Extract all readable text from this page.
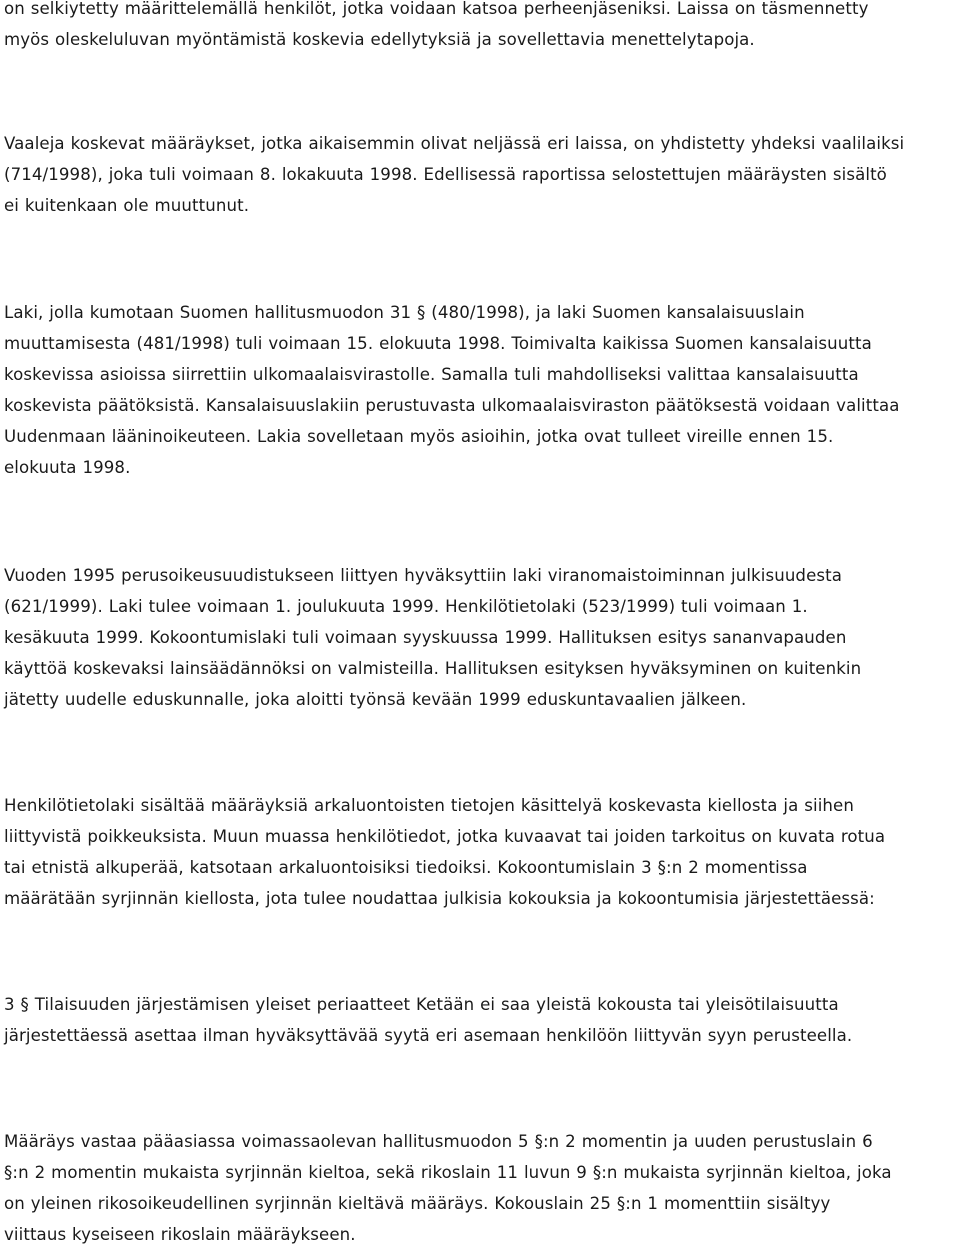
on selkiytetty määrittelemällä henkilöt, jotka voidaan katsoa perheenjäseniksi. Laissa on täsmennetty
myös oleskeluluvan myöntämistä koskevia edellytyksiä ja sovellettavia menettelytapoja.

Vaaleja koskevat määräykset, jotka aikaisemmin olivat neljässä eri laissa, on yhdistetty yhdeksi vaalilaiksi
(714/1998), joka tuli voimaan 8. lokakuuta 1998. Edellisessä raportissa selostettujen määräysten sisältö
ei kuitenkaan ole muuttunut.

Laki, jolla kumotaan Suomen hallitusmuodon 31 § (480/1998), ja laki Suomen kansalaisuuslain
muuttamisesta (481/1998) tuli voimaan 15. elokuuta 1998. Toimivalta kaikissa Suomen kansalaisuutta
koskevissa asioissa siirrettiin ulkomaalaisvirastolle. Samalla tuli mahdolliseksi valittaa kansalaisuutta
koskevista päätöksistä. Kansalaisuuslakiin perustuvasta ulkomaalaisviraston päätöksestä voidaan valittaa
Uudenmaan lääninoikeuteen. Lakia sovelletaan myös asioihin, jotka ovat tulleet vireille ennen 15.
elokuuta 1998.

Vuoden 1995 perusoikeusuudistukseen liittyen hyväksyttiin laki viranomaistoiminnan julkisuudesta
(621/1999). Laki tulee voimaan 1. joulukuuta 1999. Henkilötietolaki (523/1999) tuli voimaan 1.
kesäkuuta 1999. Kokoontumislaki tuli voimaan syyskuussa 1999. Hallituksen esitys sananvapauden
käyttöä koskevaksi lainsäädännöksi on valmisteilla. Hallituksen esityksen hyväksyminen on kuitenkin
jätetty uudelle eduskunnalle, joka aloitti työnsä kevään 1999 eduskuntavaalien jälkeen.

Henkilötietolaki sisältää määräyksiä arkaluontoisten tietojen käsittelyä koskevasta kiellosta ja siihen
liittyvistä poikkeuksista. Muun muassa henkilötiedot, jotka kuvaavat tai joiden tarkoitus on kuvata rotua
tai etnistä alkuperää, katsotaan arkaluontoisiksi tiedoiksi. Kokoontumislain 3 §:n 2 momentissa
määrätään syrjinnän kiellosta, jota tulee noudattaa julkisia kokouksia ja kokoontumisia järjestettäessä:

3 § Tilaisuuden järjestämisen yleiset periaatteet Ketään ei saa yleistä kokousta tai yleisötilaisuutta
järjestettäessä asettaa ilman hyväksyttävää syytä eri asemaan henkilöön liittyvän syyn perusteella.

Määräys vastaa pääasiassa voimassaolevan hallitusmuodon 5 §:n 2 momentin ja uuden perustuslain 6
§:n 2 momentin mukaista syrjinnän kieltoa, sekä rikoslain 11 luvun 9 §:n mukaista syrjinnän kieltoa, joka
on yleinen rikosoikeudellinen syrjinnän kieltävä määräys. Kokouslain 25 §:n 1 momenttiin sisältyy
viittaus kyseiseen rikoslain määräykseen.
